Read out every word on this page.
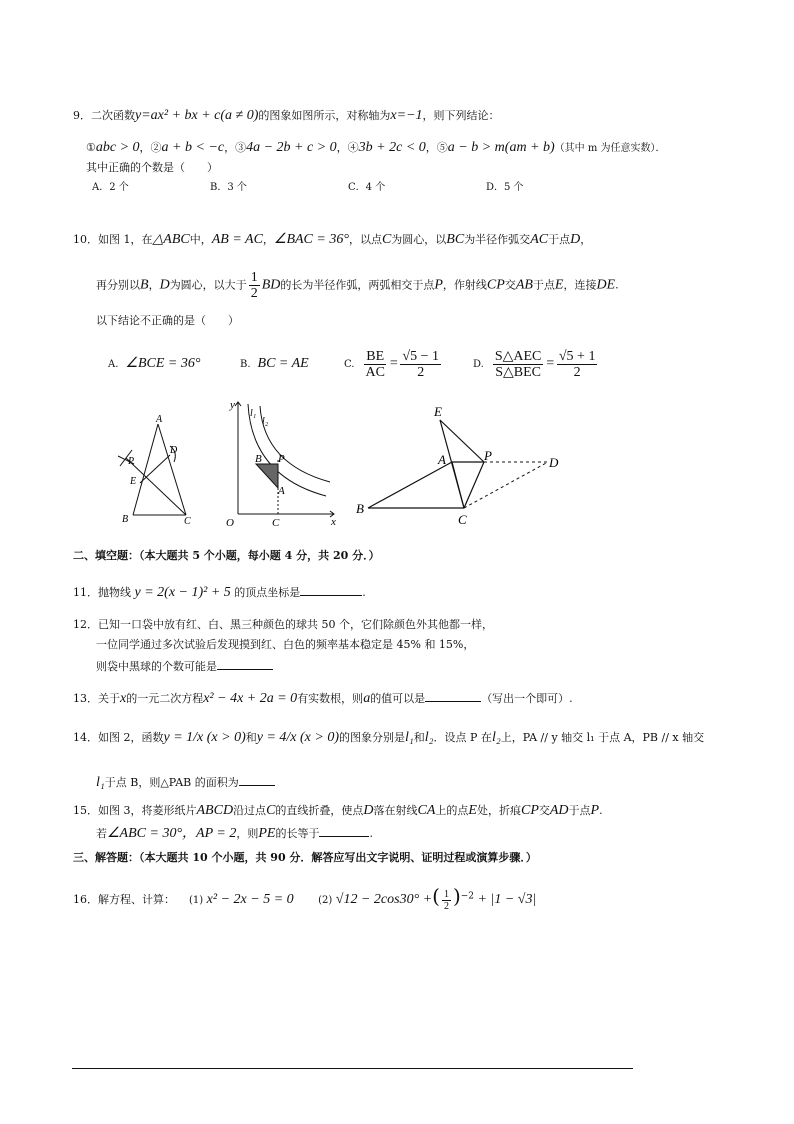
9．二次函数y=ax² + bx + c(a ≠ 0)的图象如图所示，对称轴为x=−1，则下列结论：
①abc > 0，②a + b < −c，③4a − 2b + c > 0，④3b + 2c < 0，⑤a − b > m(am + b)（其中 m 为任意实数）．
其中正确的个数是（　　）
A．2 个	B．3 个	C．4 个	D．5 个
10．如图 1，在△ABC中，AB = AC，∠BAC = 36°，以点C为圆心，以BC为半径作弧交AC于点D，
再分别以B，D为圆心，以大于 $\frac{1}{2}$ BD的长为半径作弧，两弧相交于点P，作射线CP交AB于点E，连接DE.
以下结论不正确的是（　　）
A. ∠BCE = 36°	B. BC = AE	C. $\frac{BE}{AC} = \frac{√5 - 1}{2}$	D. $\frac{\text{S△AEC}}{\text{S△BEC}} = \frac{√5 + 1}{2}$
A
B	C
D
E
P
y
x
O	C
B P
A
l₁
l₂
E
A	P	D
B
C
二、填空题：（本大题共 5 个小题，每小题 4 分，共 20 分．）
11．抛物线 y = 2(x − 1)² + 5 的顶点坐标是	.
12．已知一口袋中放有红、白、黑三种颜色的球共 50 个，它们除颜色外其他都一样，
一位同学通过多次试验后发现摸到红、白色的频率基本稳定是 45% 和 15%，
则袋中黑球的个数可能是
13．关于x的一元二次方程x² − 4x + 2a = 0有实数根，则a的值可以是	（写出一个即可）.
14．如图 2，函数y = 1/x (x > 0)和y = 4/x (x > 0)的图象分别是l₁和l₂．设点 P 在l₂上，PA // y 轴交 l₁ 于点 A，PB // x 轴交
l₁于点 B，则△PAB 的面积为
15．如图 3，将菱形纸片ABCD沿过点C的直线折叠，使点D落在射线CA上的点E处，折痕CP交AD于点P.
若∠ABC = 30°，AP = 2，则PE的长等于	.
三、解答题：（本大题共 10 个小题，共 90 分．解答应写出文字说明、证明过程或演算步骤．）
16．解方程、计算： (1) x² − 2x − 5 = 0 (2) √12 − 2cos30° +( $\frac{1}{2} )^{-2} + |1 - √3|$
